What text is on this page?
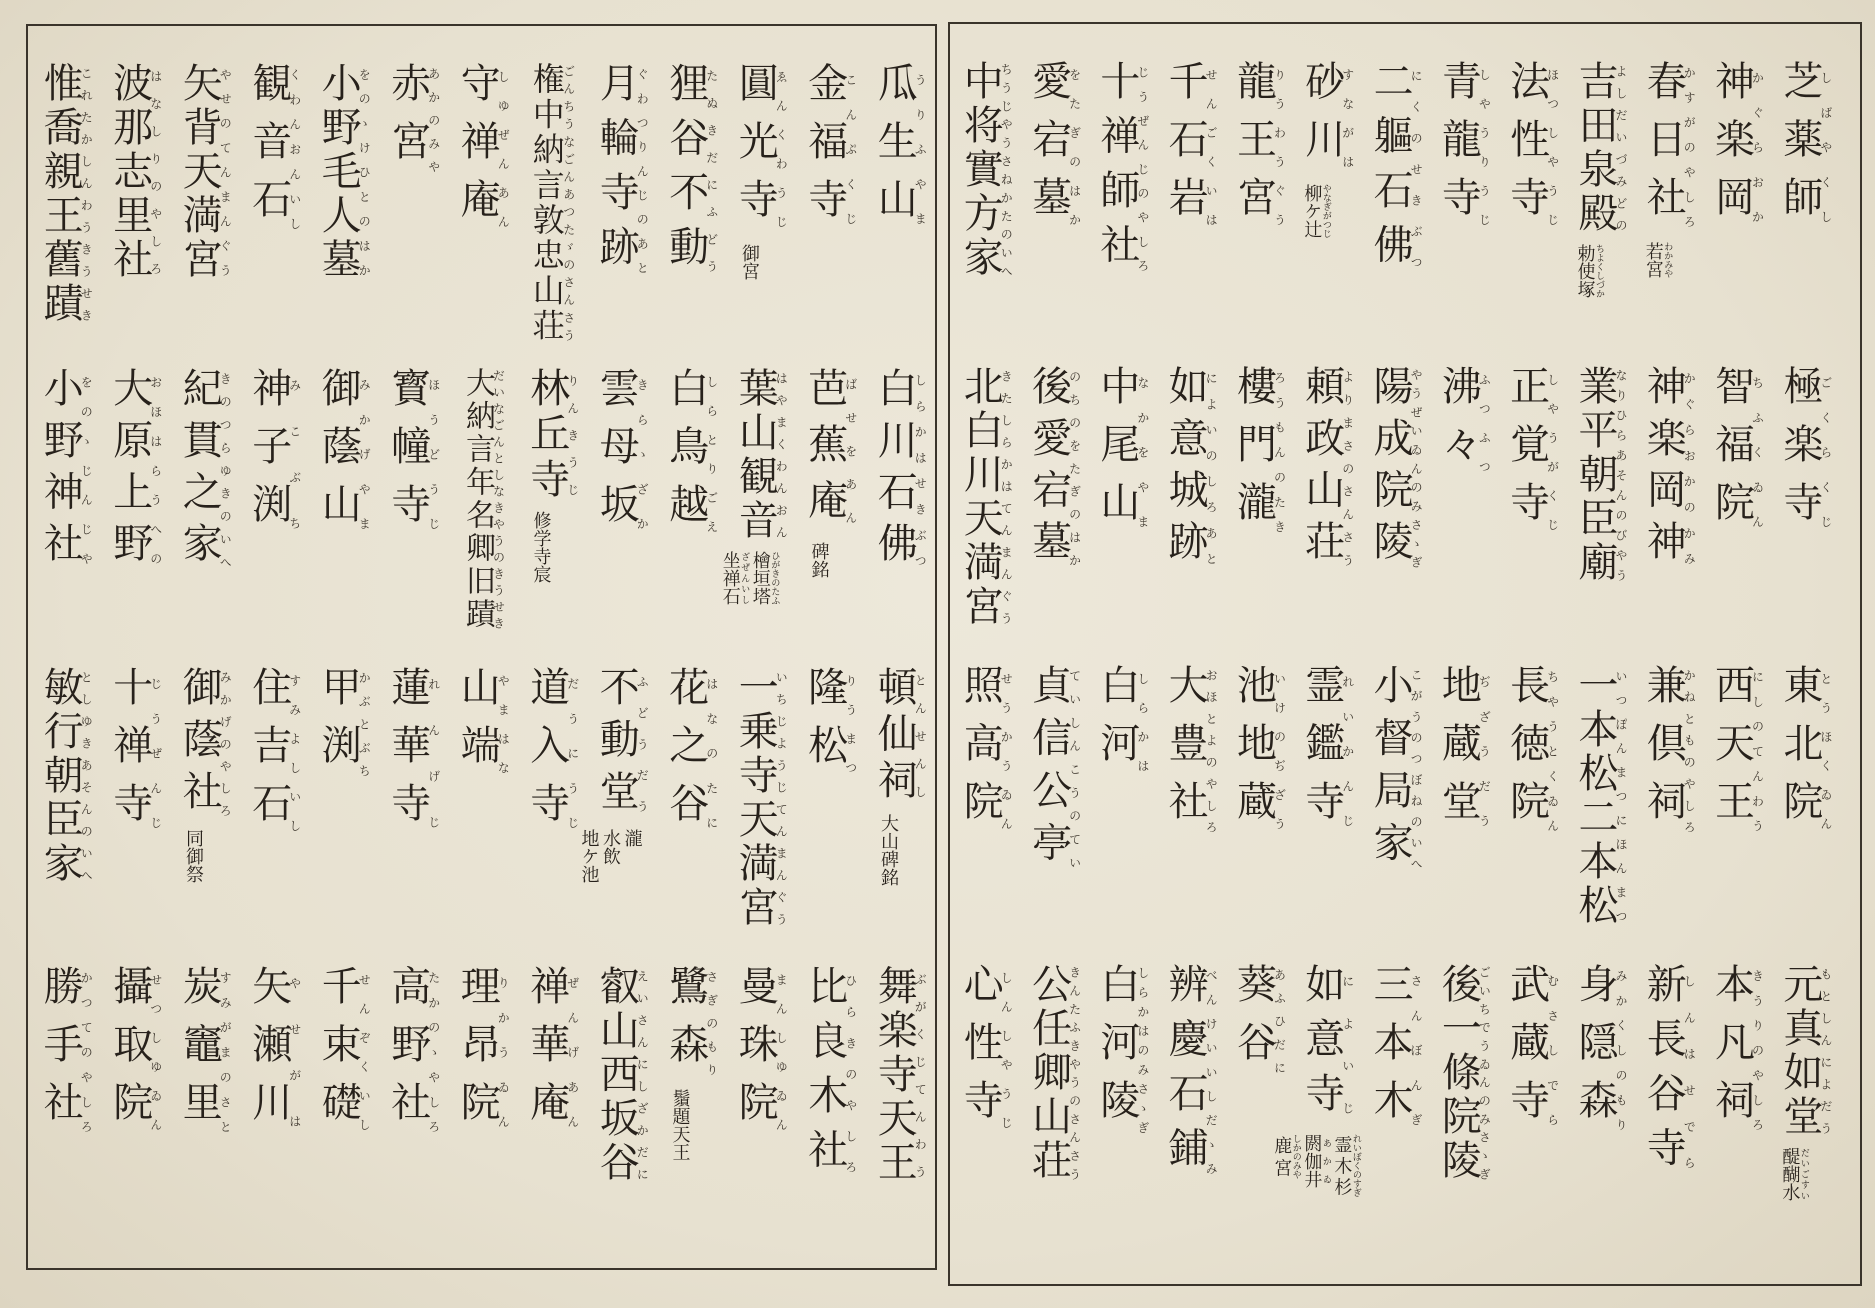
芝薬師しばやくし
神楽岡かぐらおか
春日社かすがのやしろ
若宮わかみや
吉田泉殿よしだいづみどの
勅使塚ちよくしづか
法性寺ほつしやうじ
青龍寺しやうりうじ
二軀石佛にくのせきぶつ
砂川すながは
柳ケ辻やなぎがつじ
龍王宮りうわうぐう
千石岩せんごくいは
十禅師社じうぜんじのやしろ
愛宕墓をたぎのはか
中将實方家ちうじやうさねかたのいへ
極楽寺ごくらくじ
智福院ちふくゐん
神楽岡神かぐらおかのかみ
業平朝臣廟なりひらあそんのびやう
正覚寺しやうがくじ
沸々ふつふつ
陽成院陵やうぜいゐんのみさゝぎ
頼政山荘よりまさのさんさう
樓門瀧ろうもんのたき
如意城跡によいのしろあと
中尾山なかをやま
後愛宕墓のちのをたぎのはか
北白川天満宮きたしらかはてんまんぐう
東北院とうほくゐん
西天王にしのてんわう
兼倶祠かねとものやしろ
一本松二本松いつぽんまつにほんまつ
長徳院ちやうとくゐん
地蔵堂ぢざうだう
小督局家こがうのつぼねのいへ
霊鑑寺れいかんじ
池地蔵いけのぢざう
大豊社おほとよのやしろ
白河しらかは
貞信公亭ていしんこうのてい
照高院せうかうゐん
元真如堂もとしんによだう
醍醐水だいごすい
本凡祠きうりのやしろ
新長谷寺しんはせでら
身隠森みかくしのもり
武蔵寺むさしでら
後一條院陵ごいちでうゐんのみさゝぎ
三本木さんぼんぎ
如意寺によいじ
霊木杉れいぼくのすぎ
閼伽井あかゐ
鹿宮しかのみや
葵谷あふひだに
辨慶石鋪べんけいいしだゝみ
白河陵しらかはのみさゝぎ
公任卿山荘きんたふきやうのさんさう
心性寺しんしやうじ
瓜生山うりふやま
金福寺こんぷくじ
圓光寺ゑんくわうじ
御宮
狸谷不動たぬきだにふどう
月輪寺跡ぐわつりんじのあと
権中納言敦忠山荘ごんちうなごんあつたゞのさんさう
守禅庵しゆぜんあん
赤宮あかのみや
小野毛人墓をのゝけひとのはか
観音石くわんおんいし
矢背天満宮やせのてんまんぐう
波那志里社はなしりのやしろ
惟喬親王舊蹟これたかしんわうきうせき
白川石佛しらかはせきぶつ
芭蕉庵ばせをあん
碑銘
葉山観音はやまくわんおん
檜垣塔ひがきのたふ
坐禅石ざぜんいし
白鳥越しらとりごえ
雲母坂きらゝざか
林丘寺りんきうじ
修学寺宸
大納言年名卿旧蹟だいなごんとしなきやうのきうせき
寳幢寺ほうどうじ
御蔭山みかげやま
神子渕みこぶち
紀貫之家きのつらゆきのいへ
大原上野おほはらうへの
小野神社をのゝじんじや
頓仙祠とんせんし
大山碑銘
隆松りうまつ
一乗寺天満宮いちじようじてんまんぐう
花之谷はなのたに
不動堂ふどうだう
瀧
水飲
地ケ池
道入寺だうにうじ
山端やまはな
蓮華寺れんげじ
甲渕かぶとぶち
住吉石すみよしいし
御蔭社みかげのやしろ
同御祭
十禅寺じうぜんじ
敏行朝臣家としゆきあそんのいへ
舞楽寺天王ぶがくじてんわう
比良木社ひらきのやしろ
曼珠院まんしゆゐん
鷺森さぎのもり
鬚題天王
叡山西坂谷えいさんにしざかだに
禅華庵ぜんげあん
理昂院りかうゐん
高野社たかのゝやしろ
千束礎せんぞくいし
矢瀬川やせがは
炭竈里すみがまのさと
攝取院せつしゆゐん
勝手社かつてのやしろ
